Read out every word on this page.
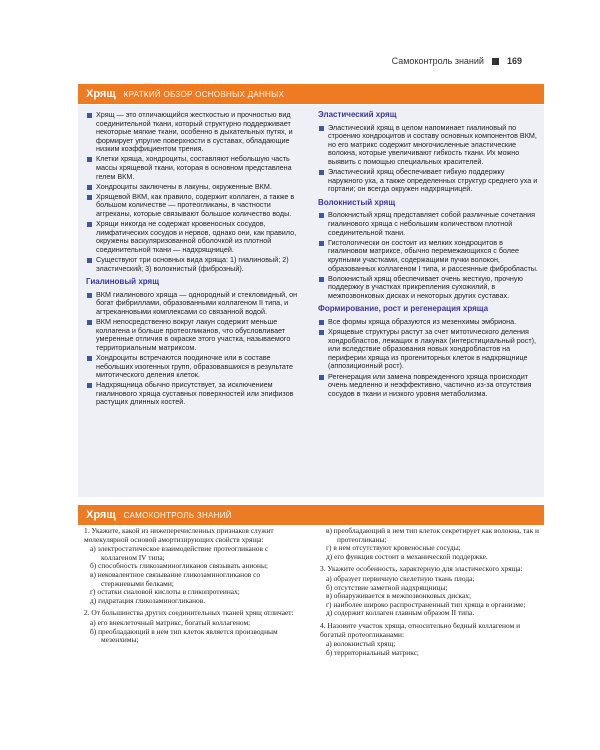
Самоконтроль знаний	169
Хрящ КРАТКИЙ ОБЗОР ОСНОВНЫХ ДАННЫХ
Хрящ — это отличающийся жесткостью и прочностью вид соединительной ткани, который структурно поддерживает некоторые мягкие ткани, особенно в дыхательных путях, и формирует упругие поверхности в суставах, обладающие низким коэффициентом трения.
Клетки хряща, хондроциты, составляют небольшую часть массы хрящевой ткани, которая в основном представлена гелем ВКМ.
Хондроциты заключены в лакуны, окруженные ВКМ.
Хрящевой ВКМ, как правило, содержит коллаген, а также в большом количестве — протеогликаны, в частности аггреканы, которые связывают большое количество воды.
Хрящи никогда не содержат кровеносных сосудов, лимфатических сосудов и нервов, однако они, как правило, окружены васкуляризованной оболочкой из плотной соединительной ткани — надхрящницей.
Существуют три основных вида хряща: 1) гиалиновый; 2) эластический; 3) волокнистый (фиброзный).
Гиалиновый хрящ
ВКМ гиалинового хряща — однородный и стекловидный, он богат фибриллами, образованными коллагеном II типа, и агтреканновыми комплексами со связанной водой.
ВКМ непосредственно вокруг лакун содержит меньше коллагена и больше протеогликанов, что обусловливает умеренные отличия в окраске этого участка, называемого территориальным матриксом.
Хондроциты встречаются поодиночке или в составе небольших изогенных групп, образовавшихся в результате митотического деления клеток.
Надхрящница обычно присутствует, за исключением гиалинового хряща суставных поверхностей или эпифизов растущих длинных костей.
Эластический хрящ
Эластический хрящ в целом напоминает гиалиновый по строению хондроцитов и составу основных компонентов ВКМ, но его матрикс содержит многочисленные эластические волокна, которые увеличивают гибкость ткани. Их можно выявить с помощью специальных красителей.
Эластический хрящ обеспечивает гибкую поддержку наружного уха, а также определенных структур среднего уха и гортани; он всегда окружен надхрящницей.
Волокнистый хрящ
Волокнистый хрящ представляет собой различные сочетания гиалинового хряща с небольшим количеством плотной соединительной ткани.
Гистологически он состоит из мелких хондроцитов в гиалиновом матриксе, обычно перемежающихся с более крупными участками, содержащими пучки волокон, образованных коллагеном I типа, и рассеянные фибробласты.
Волокнистый хрящ обеспечивает очень жесткую, прочную поддержку в участках прикрепления сухожилий, в межпозвонковых дисках и некоторых других суставах.
Формирование, рост и регенерация хряща
Все формы хряща образуются из мезенхимы эмбриона.
Хрящевые структуры растут за счет митотического деления хондробластов, лежащих в лакунах (интерстициальный рост), или вследствие образования новых хондробластов на периферии хряща из прогениторных клеток в надхрящнице (аппозиционный рост).
Регенерация или замена поврежденного хряща происходит очень медленно и неэффективно, частично из-за отсутствия сосудов в ткани и низкого уровня метаболизма.
Хрящ САМОКОНТРОЛЬ ЗНАНИЙ
1. Укажите, какой из нижеперечисленных признаков служит молекулярной основой амортизирующих свойств хряща:
а) электростатическое взаимодействие протеогликанов с коллагеном IV типа;
б) способность гликозаминогликанов связывать анионы;
в) нековалентное связывание гликозаминогликанов со стержневыми белками;
г) остатки сиаловой кислоты в гликопротеинах;
д) гидратация гликозаминогликанов.
2. От большинства других соединительных тканей хрящ отличает:
а) его внеклеточный матрикс, богатый коллагеном;
б) преобладающий в нем тип клеток является производным мезенхимы;
в) преобладающий в нем тип клеток секретирует как волокна, так и протеогликаны;
г) в нем отсутствуют кровеносные сосуды;
д) его функция состоит в механической поддержке.
3. Укажите особенность, характерную для эластического хряща:
а) образует первичную скелетную ткань плода;
б) отсутствие заметной надхрящницы;
в) обнаруживается в межпозвонковых дисках;
г) наиболее широко распространенный тип хряща в организме;
д) содержит коллаген главным образом II типа.
4. Назовите участок хряща, относительно бедный коллагеном и богатый протеогликанами:
а) волокнистый хрящ;
б) территориальный матрикс;
